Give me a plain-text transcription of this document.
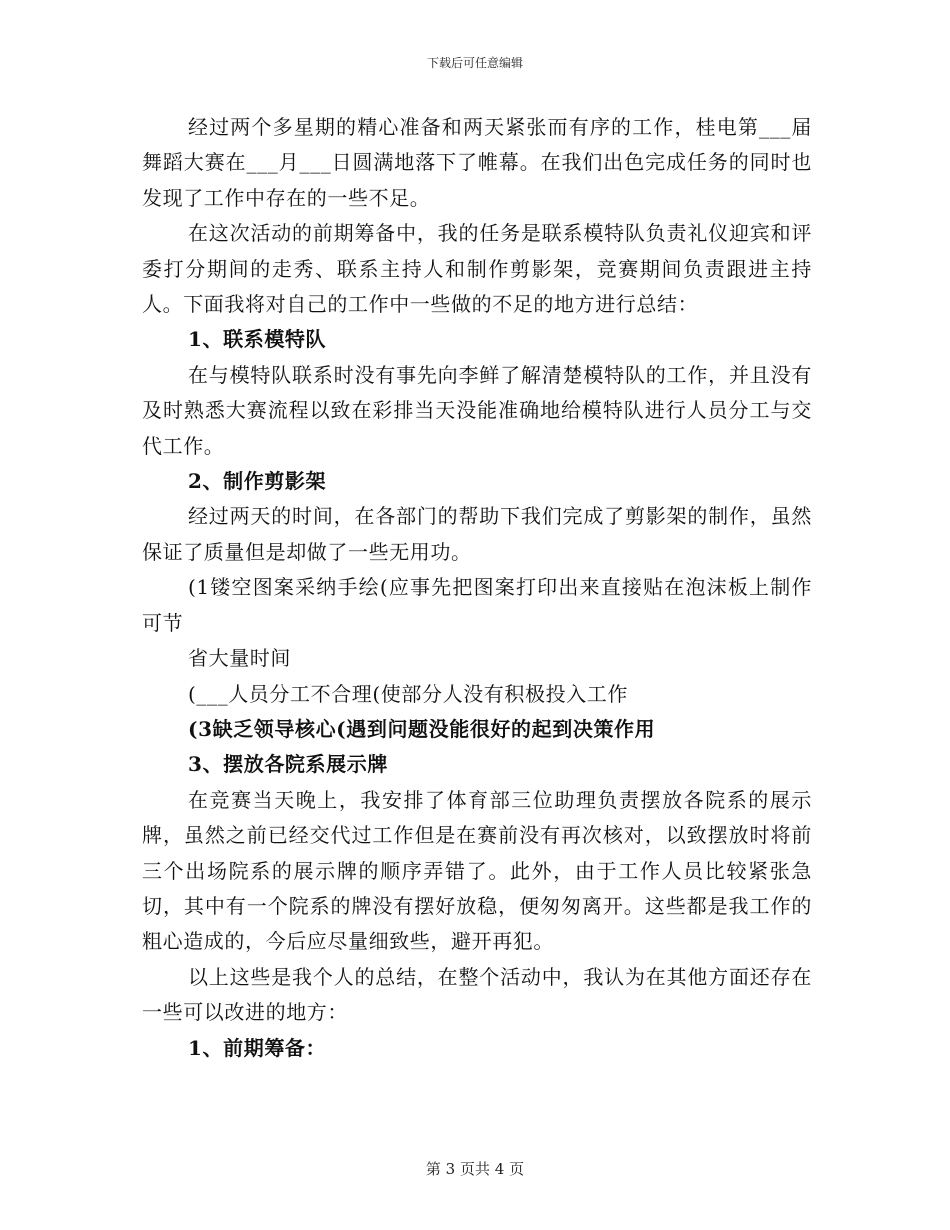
下载后可任意编辑

经过两个多星期的精心准备和两天紧张而有序的工作，桂电第___届舞蹈大赛在___月___日圆满地落下了帷幕。在我们出色完成任务的同时也发现了工作中存在的一些不足。

在这次活动的前期筹备中，我的任务是联系模特队负责礼仪迎宾和评委打分期间的走秀、联系主持人和制作剪影架，竞赛期间负责跟进主持人。下面我将对自己的工作中一些做的不足的地方进行总结：

1、联系模特队

在与模特队联系时没有事先向李鲜了解清楚模特队的工作，并且没有及时熟悉大赛流程以致在彩排当天没能准确地给模特队进行人员分工与交代工作。

2、制作剪影架

经过两天的时间，在各部门的帮助下我们完成了剪影架的制作，虽然保证了质量但是却做了一些无用功。

(1镂空图案采纳手绘(应事先把图案打印出来直接贴在泡沫板上制作可节

省大量时间

(___人员分工不合理(使部分人没有积极投入工作

(3缺乏领导核心(遇到问题没能很好的起到决策作用

3、摆放各院系展示牌

在竞赛当天晚上，我安排了体育部三位助理负责摆放各院系的展示牌，虽然之前已经交代过工作但是在赛前没有再次核对，以致摆放时将前三个出场院系的展示牌的顺序弄错了。此外，由于工作人员比较紧张急切，其中有一个院系的牌没有摆好放稳，便匆匆离开。这些都是我工作的粗心造成的，今后应尽量细致些，避开再犯。

以上这些是我个人的总结，在整个活动中，我认为在其他方面还存在一些可以改进的地方：

1、前期筹备：

第 3 页共 4 页
